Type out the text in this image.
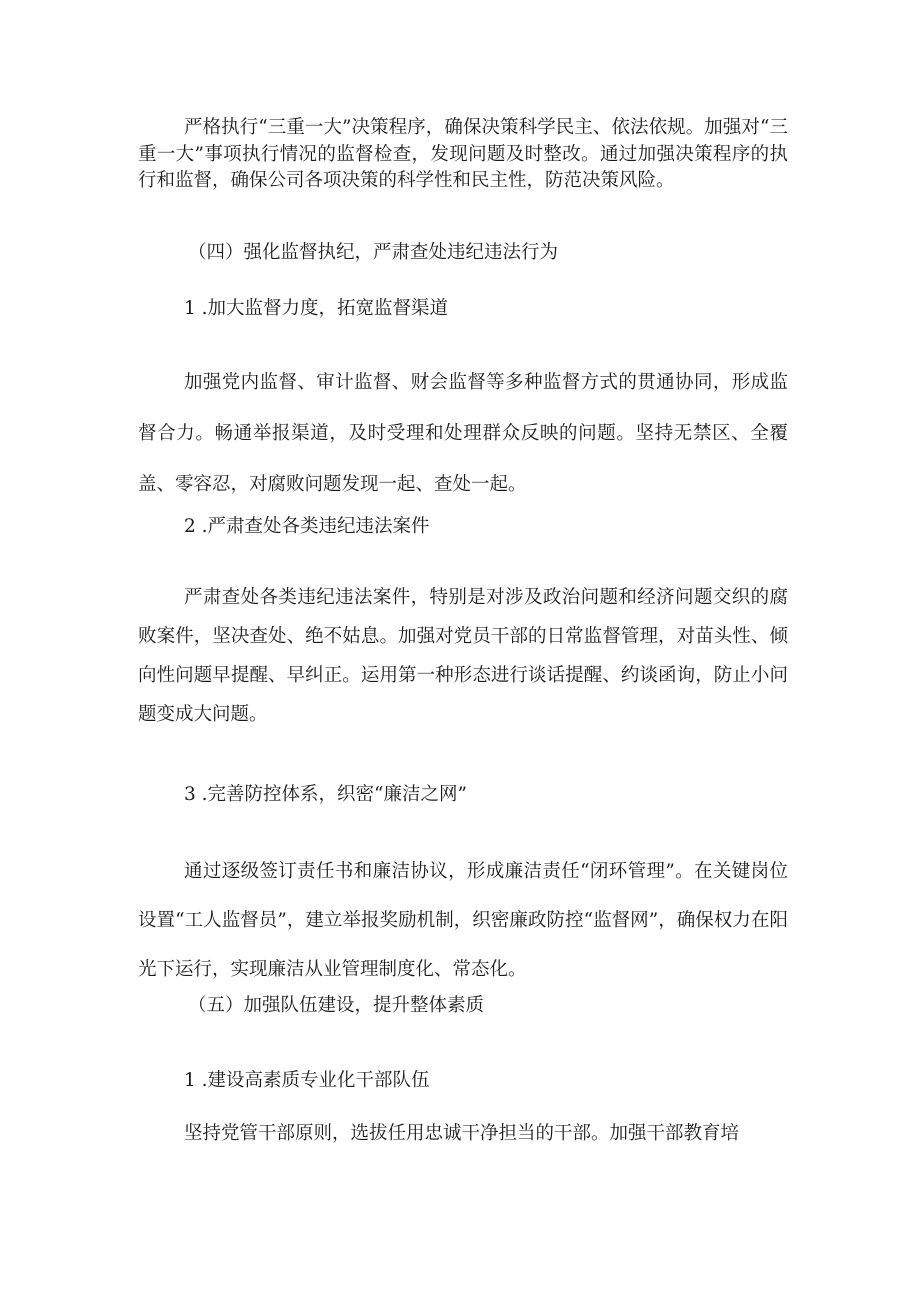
严格执行“三重一大”决策程序，确保决策科学民主、依法依规。加强对“三重一大”事项执行情况的监督检查，发现问题及时整改。通过加强决策程序的执行和监督，确保公司各项决策的科学性和民主性，防范决策风险。

（四）强化监督执纪，严肃查处违纪违法行为

1 .加大监督力度，拓宽监督渠道

加强党内监督、审计监督、财会监督等多种监督方式的贯通协同，形成监督合力。畅通举报渠道，及时受理和处理群众反映的问题。坚持无禁区、全覆盖、零容忍，对腐败问题发现一起、查处一起。

2 .严肃查处各类违纪违法案件

严肃查处各类违纪违法案件，特别是对涉及政治问题和经济问题交织的腐败案件，坚决查处、绝不姑息。加强对党员干部的日常监督管理，对苗头性、倾向性问题早提醒、早纠正。运用第一种形态进行谈话提醒、约谈函询，防止小问题变成大问题。

3 .完善防控体系，织密“廉洁之网”

通过逐级签订责任书和廉洁协议，形成廉洁责任“闭环管理”。在关键岗位设置“工人监督员”，建立举报奖励机制，织密廉政防控“监督网”，确保权力在阳光下运行，实现廉洁从业管理制度化、常态化。

（五）加强队伍建设，提升整体素质

1 .建设高素质专业化干部队伍

坚持党管干部原则，选拔任用忠诚干净担当的干部。加强干部教育培
